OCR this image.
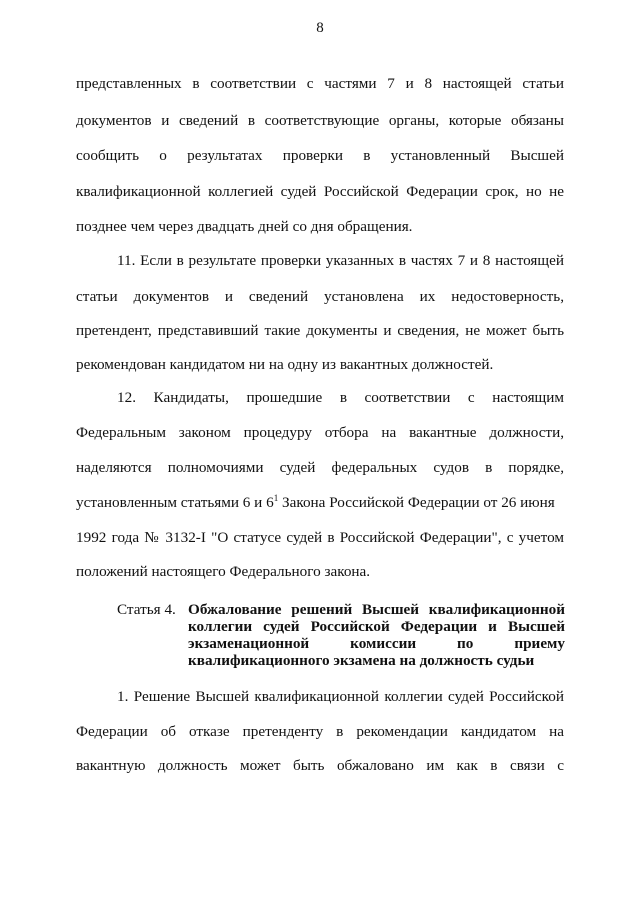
8
представленных в соответствии с частями 7 и 8 настоящей статьи
документов и сведений в соответствующие органы, которые обязаны
сообщить о результатах проверки в установленный Высшей
квалификационной коллегией судей Российской Федерации срок, но не
позднее чем через двадцать дней со дня обращения.
11. Если в результате проверки указанных в частях 7 и 8 настоящей
статьи документов и сведений установлена их недостоверность,
претендент, представивший такие документы и сведения, не может быть
рекомендован кандидатом ни на одну из вакантных должностей.
12. Кандидаты, прошедшие в соответствии с настоящим
Федеральным законом процедуру отбора на вакантные должности,
наделяются полномочиями судей федеральных судов в порядке,
установленным статьями 6 и $6^1$ Закона Российской Федерации от 26 июня
1992 года № 3132-I "О статусе судей в Российской Федерации", с учетом
положений настоящего Федерального закона.
Статья 4. Обжалование решений Высшей квалификационной
коллегии судей Российской Федерации и Высшей
экзаменационной комиссии по приему
квалификационного экзамена на должность судьи
1. Решение Высшей квалификационной коллегии судей Российской
Федерации об отказе претенденту в рекомендации кандидатом на
вакантную должность может быть обжаловано им как в связи с
